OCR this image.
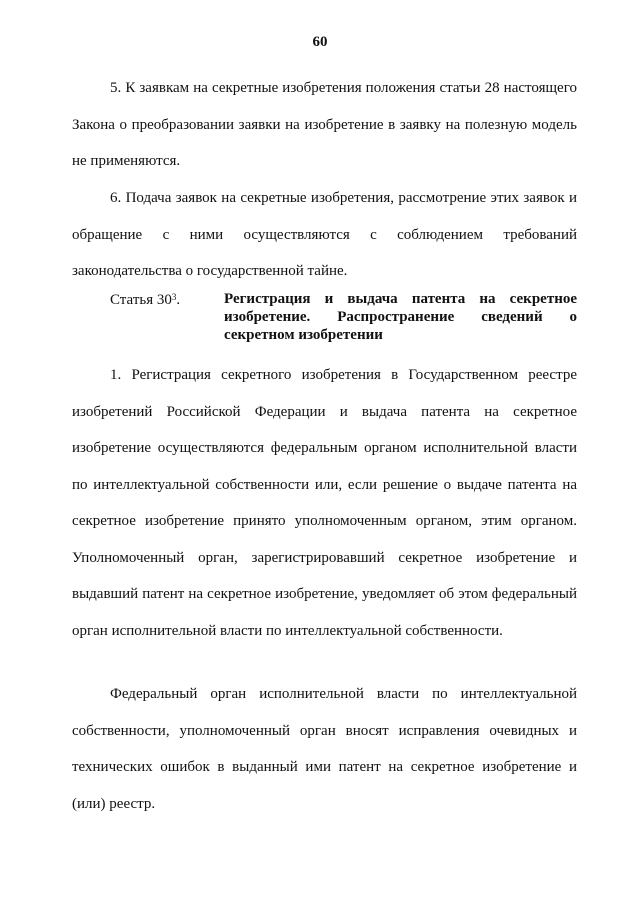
60

5. К заявкам на секретные изобретения положения статьи 28 настоящего Закона о преобразовании заявки на изобретение в заявку на полезную модель не применяются.

6. Подача заявок на секретные изобретения, рассмотрение этих заявок и обращение с ними осуществляются с соблюдением требований законодательства о государственной тайне.

Статья $30^3$.	Регистрация и выдача патента на секретное изобретение. Распространение сведений о секретном изобретении

1. Регистрация секретного изобретения в Государственном реестре изобретений Российской Федерации и выдача патента на секретное изобретение осуществляются федеральным органом исполнительной власти по интеллектуальной собственности или, если решение о выдаче патента на секретное изобретение принято уполномоченным органом, этим органом. Уполномоченный орган, зарегистрировавший секретное изобретение и выдавший патент на секретное изобретение, уведомляет об этом федеральный орган исполнительной власти по интеллектуальной собственности.

Федеральный орган исполнительной власти по интеллектуальной собственности, уполномоченный орган вносят исправления очевидных и технических ошибок в выданный ими патент на секретное изобретение и (или) реестр.
